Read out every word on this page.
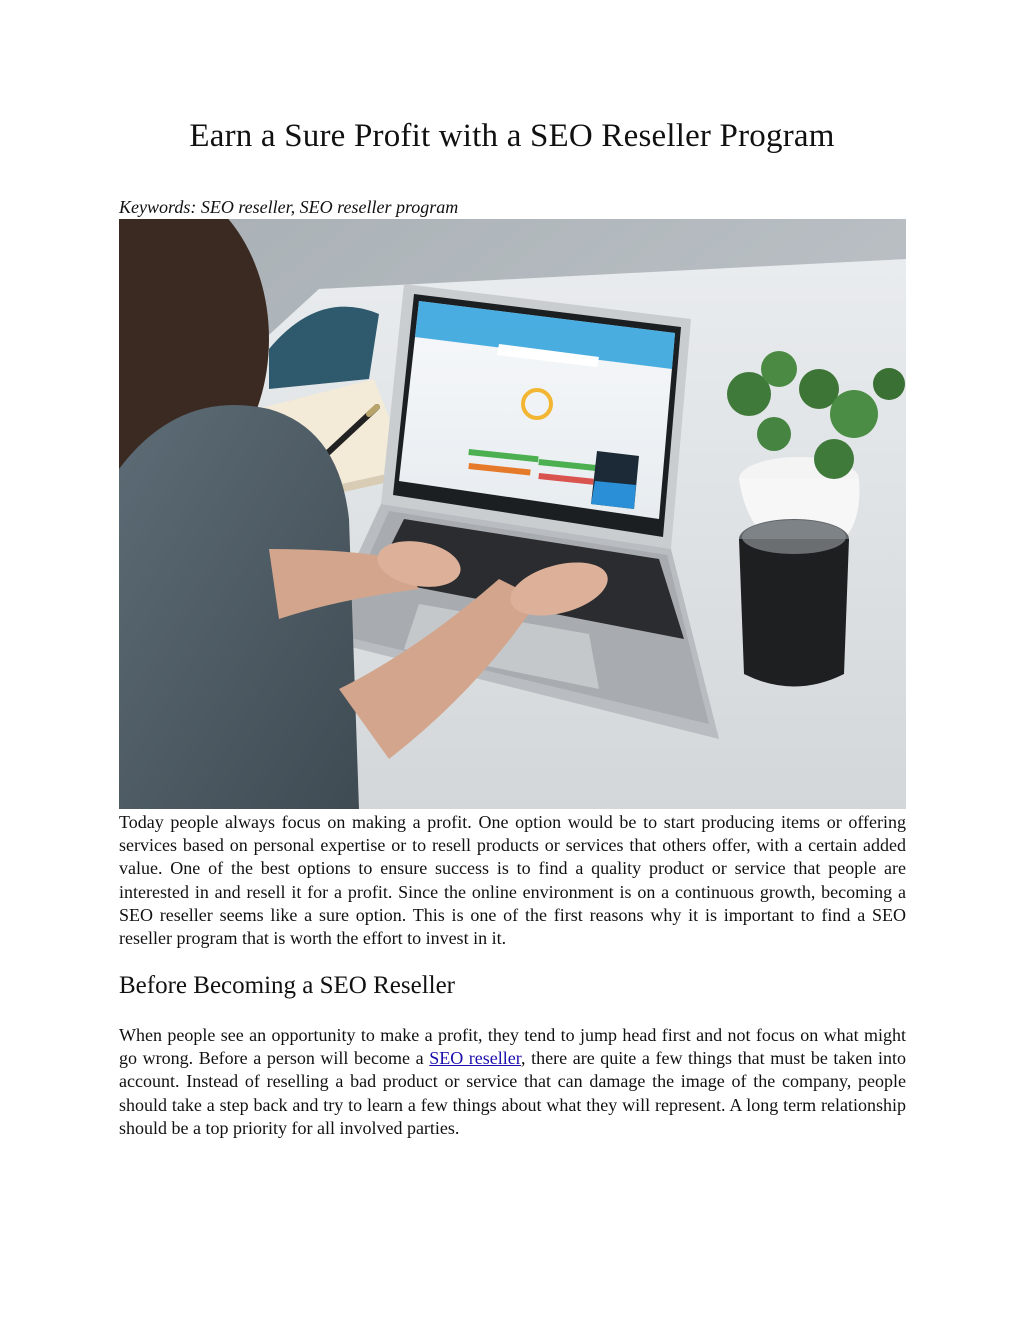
Earn a Sure Profit with a SEO Reseller Program

Keywords: SEO reseller, SEO reseller program

Today people always focus on making a profit. One option would be to start producing items or offering services based on personal expertise or to resell products or services that others offer, with a certain added value. One of the best options to ensure success is to find a quality product or service that people are interested in and resell it for a profit. Since the online environment is on a continuous growth, becoming a SEO reseller seems like a sure option. This is one of the first reasons why it is important to find a SEO reseller program that is worth the effort to invest in it.

Before Becoming a SEO Reseller

When people see an opportunity to make a profit, they tend to jump head first and not focus on what might go wrong. Before a person will become a SEO reseller, there are quite a few things that must be taken into account. Instead of reselling a bad product or service that can damage the image of the company, people should take a step back and try to learn a few things about what they will represent. A long term relationship should be a top priority for all involved parties.
